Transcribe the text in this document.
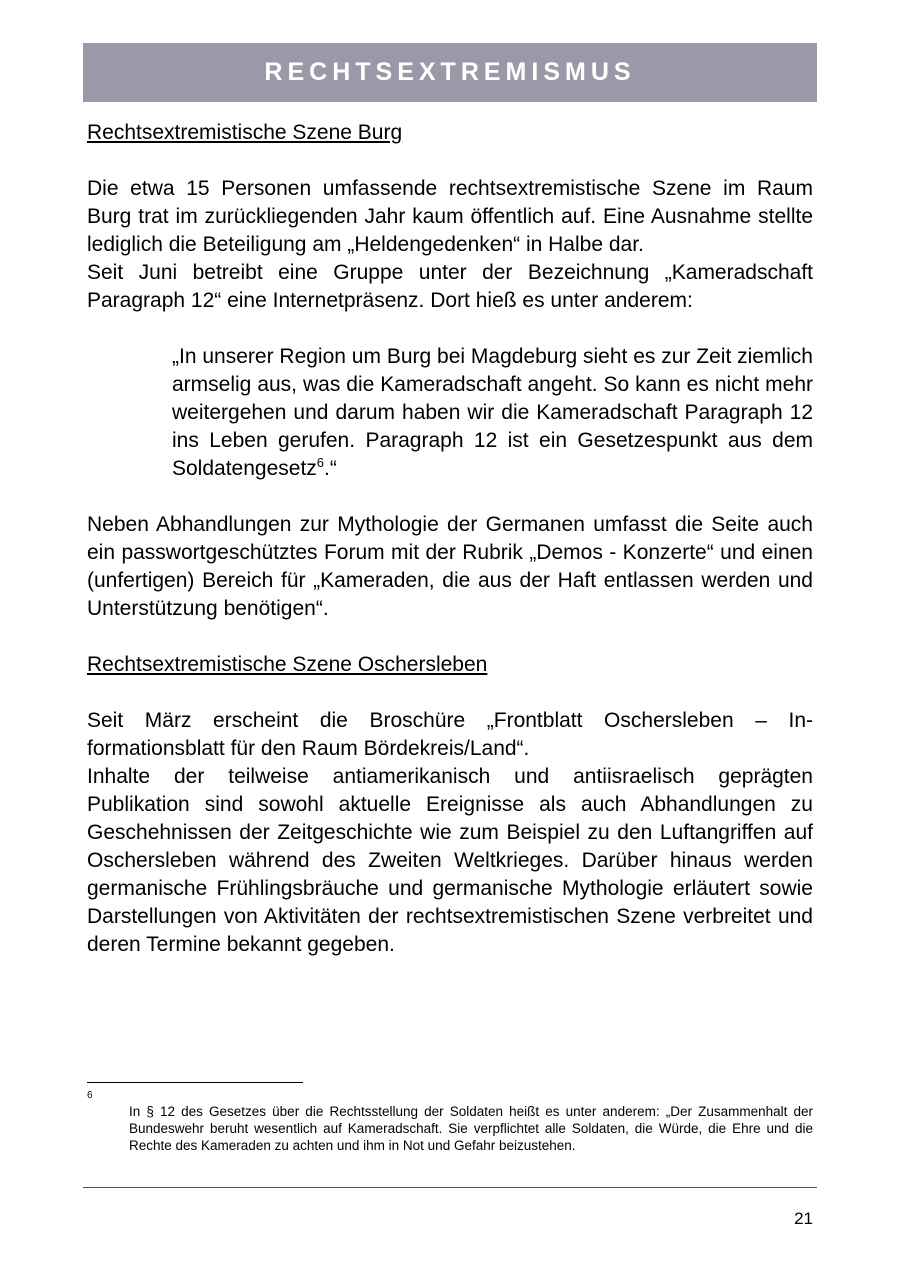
RECHTSEXTREMISMUS

Rechtsextremistische Szene Burg

Die etwa 15 Personen umfassende rechtsextremistische Szene im Raum Burg trat im zurückliegenden Jahr kaum öffentlich auf. Eine Ausnahme stellte lediglich die Beteiligung am „Heldengedenken“ in Halbe dar.

Seit Juni betreibt eine Gruppe unter der Bezeichnung „Kameradschaft Paragraph 12“ eine Internetpräsenz. Dort hieß es unter anderem:

„In unserer Region um Burg bei Magdeburg sieht es zur Zeit ziemlich armselig aus, was die Kameradschaft angeht. So kann es nicht mehr weitergehen und darum haben wir die Kameradschaft Paragraph 12 ins Leben gerufen. Paragraph 12 ist ein Gesetzespunkt aus dem Soldatengesetz$^6$.“

Neben Abhandlungen zur Mythologie der Germanen umfasst die Seite auch ein passwortgeschütztes Forum mit der Rubrik „Demos - Konzerte“ und einen (unfertigen) Bereich für „Kameraden, die aus der Haft entlassen werden und Unterstützung benötigen“.

Rechtsextremistische Szene Oschersleben

Seit März erscheint die Broschüre „Frontblatt Oschersleben – Informationsblatt für den Raum Bördekreis/Land“.

Inhalte der teilweise antiamerikanisch und antiisraelisch geprägten Publikation sind sowohl aktuelle Ereignisse als auch Abhandlungen zu Geschehnissen der Zeitgeschichte wie zum Beispiel zu den Luftangriffen auf Oschersleben während des Zweiten Weltkrieges. Darüber hinaus werden germanische Frühlingsbräuche und germanische Mythologie erläutert sowie Darstellungen von Aktivitäten der rechtsextremistischen Szene verbreitet und deren Termine bekannt gegeben.

6

In § 12 des Gesetzes über die Rechtsstellung der Soldaten heißt es unter anderem: „Der Zusammenhalt der Bundeswehr beruht wesentlich auf Kameradschaft. Sie verpflichtet alle Soldaten, die Würde, die Ehre und die Rechte des Kameraden zu achten und ihm in Not und Gefahr beizustehen.

21
